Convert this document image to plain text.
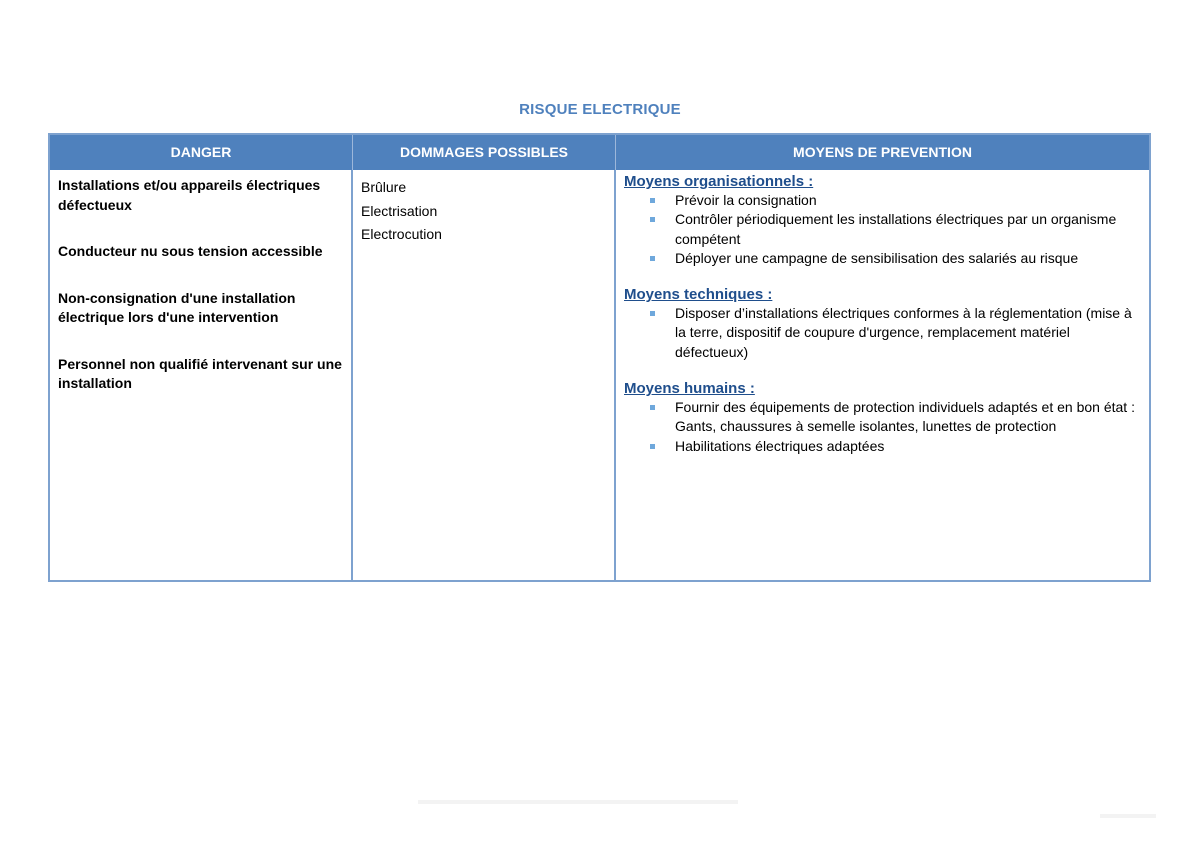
RISQUE ELECTRIQUE
DANGER	DOMMAGES POSSIBLES	MOYENS DE PREVENTION

Installations et/ou appareils électriques défectueux

Conducteur nu sous tension accessible

Non-consignation d'une installation électrique lors d'une intervention

Personnel non qualifié intervenant sur une installation

Brûlure

Electrisation

Electrocution

Moyens organisationnels :

Prévoir la consignation
Contrôler périodiquement les installations électriques par un organisme compétent
Déployer une campagne de sensibilisation des salariés au risque

Moyens techniques :

Disposer d’installations électriques conformes à la réglementation (mise à la terre, dispositif de coupure d'urgence, remplacement matériel défectueux)

Moyens humains :

Fournir des équipements de protection individuels adaptés et en bon état : Gants, chaussures à semelle isolantes, lunettes de protection
Habilitations électriques adaptées
